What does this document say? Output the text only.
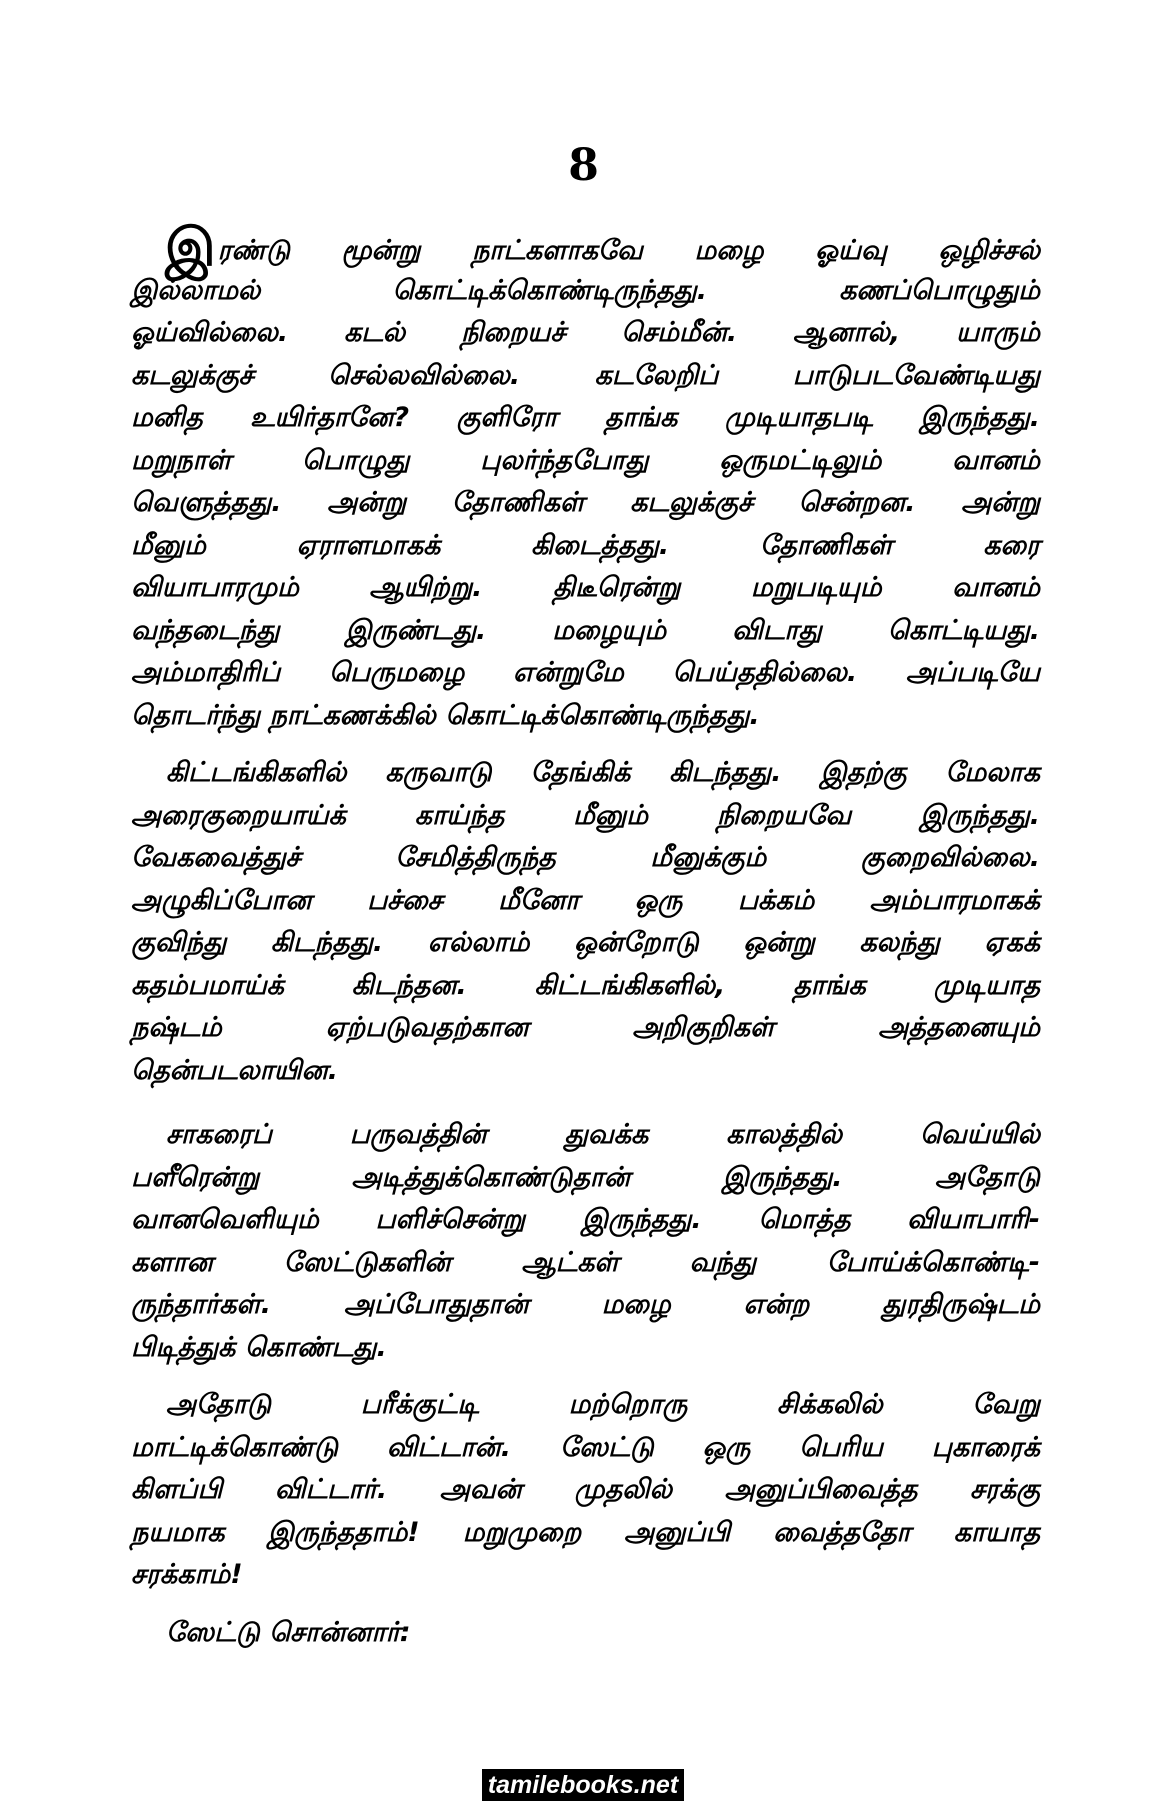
8
இரண்டு மூன்று நாட்களாகவே மழை ஓய்வு ஒழிச்சல்
இல்லாமல் கொட்டிக்கொண்டிருந்தது. கணப்பொழுதும்
ஓய்வில்லை. கடல் நிறையச் செம்மீன். ஆனால், யாரும்
கடலுக்குச் செல்லவில்லை. கடலேறிப் பாடுபடவேண்டியது
மனித உயிர்தானே? குளிரோ தாங்க முடியாதபடி இருந்தது.
மறுநாள் பொழுது புலர்ந்தபோது ஒருமட்டிலும் வானம்
வெளுத்தது. அன்று தோணிகள் கடலுக்குச் சென்றன. அன்று
மீனும் ஏராளமாகக் கிடைத்தது. தோணிகள் கரை
வியாபாரமும் ஆயிற்று. திடீரென்று மறுபடியும் வானம்
வந்தடைந்து இருண்டது. மழையும் விடாது கொட்டியது.
அம்மாதிரிப் பெருமழை என்றுமே பெய்ததில்லை. அப்படியே
தொடர்ந்து நாட்கணக்கில் கொட்டிக்கொண்டிருந்தது.
கிட்டங்கிகளில் கருவாடு தேங்கிக் கிடந்தது. இதற்கு மேலாக
அரைகுறையாய்க் காய்ந்த மீனும் நிறையவே இருந்தது.
வேகவைத்துச் சேமித்திருந்த மீனுக்கும் குறைவில்லை.
அழுகிப்போன பச்சை மீனோ ஒரு பக்கம் அம்பாரமாகக்
குவிந்து கிடந்தது. எல்லாம் ஒன்றோடு ஒன்று கலந்து ஏகக்
கதம்பமாய்க் கிடந்தன. கிட்டங்கிகளில், தாங்க முடியாத
நஷ்டம் ஏற்படுவதற்கான அறிகுறிகள் அத்தனையும்
தென்படலாயின.
சாகரைப் பருவத்தின் துவக்க காலத்தில் வெய்யில்
பளீரென்று அடித்துக்கொண்டுதான் இருந்தது. அதோடு
வானவெளியும் பளிச்சென்று இருந்தது. மொத்த வியாபாரி-
களான ஸேட்டுகளின் ஆட்கள் வந்து போய்க்கொண்டி-
ருந்தார்கள். அப்போதுதான் மழை என்ற துரதிருஷ்டம்
பிடித்துக் கொண்டது.
அதோடு பரீக்குட்டி மற்றொரு சிக்கலில் வேறு
மாட்டிக்கொண்டு விட்டான். ஸேட்டு ஒரு பெரிய புகாரைக்
கிளப்பி விட்டார். அவன் முதலில் அனுப்பிவைத்த சரக்கு
நயமாக இருந்ததாம்! மறுமுறை அனுப்பி வைத்ததோ காயாத
சரக்காம்!
ஸேட்டு சொன்னார்:
tamilebooks.net
